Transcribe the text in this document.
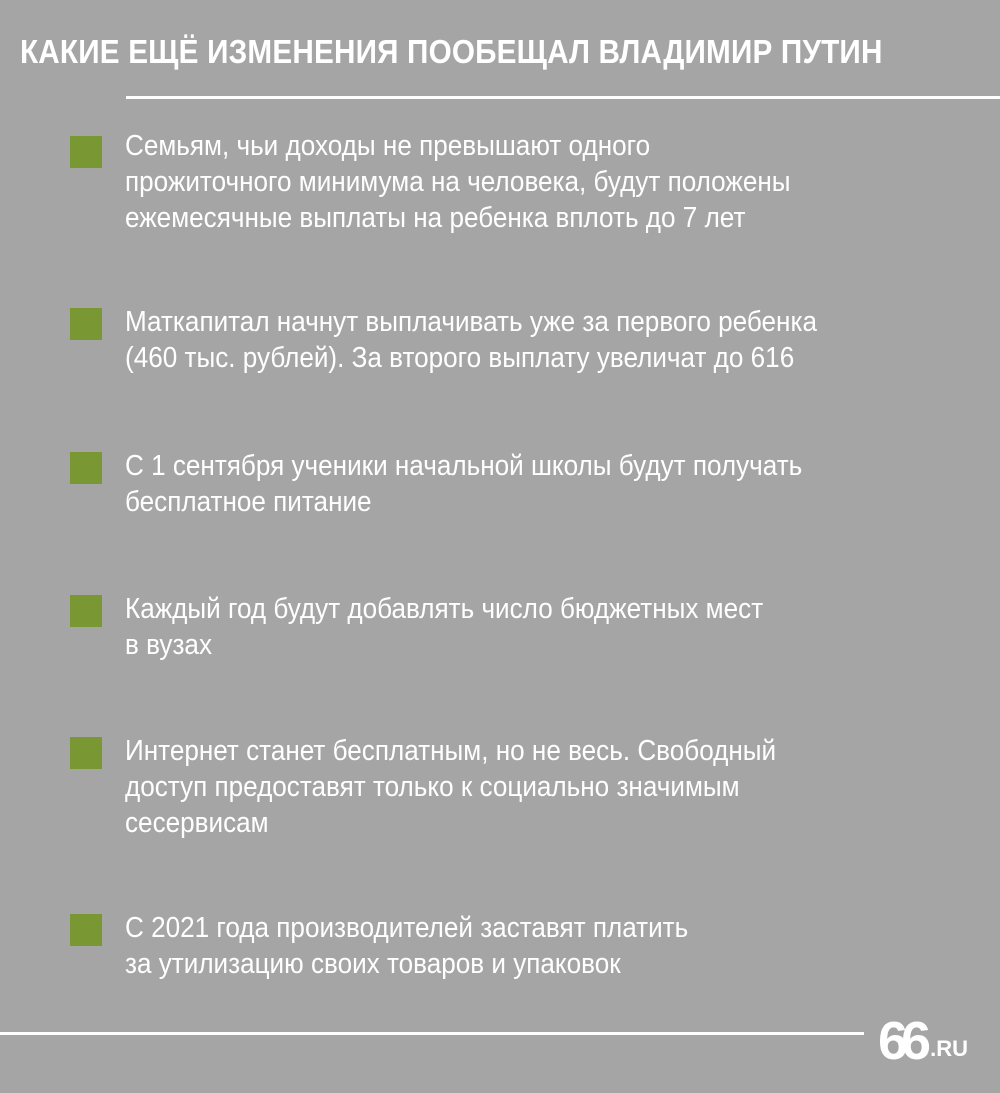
КАКИЕ ЕЩЁ ИЗМЕНЕНИЯ ПООБЕЩАЛ ВЛАДИМИР ПУТИН

Семьям, чьи доходы не превышают одного
прожиточного минимума на человека, будут положены
ежемесячные выплаты на ребенка вплоть до 7 лет

Маткапитал начнут выплачивать уже за первого ребенка
(460 тыс. рублей). За второго выплату увеличат до 616

С 1 сентября ученики начальной школы будут получать
бесплатное питание

Каждый год будут добавлять число бюджетных мест
в вузах

Интернет станет бесплатным, но не весь. Свободный
доступ предоставят только к социально значимым
сесервисам

С 2021 года производителей заставят платить
за утилизацию своих товаров и упаковок

66 .RU
